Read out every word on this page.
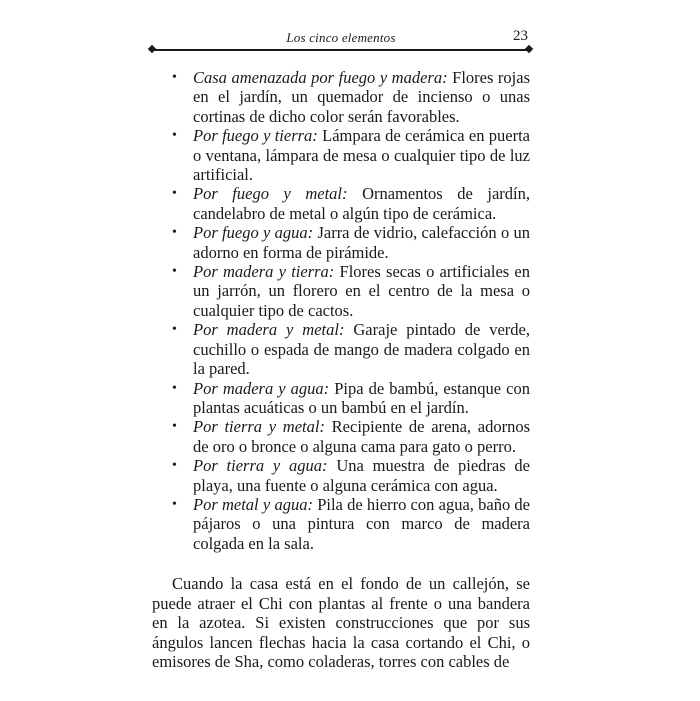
Los cinco elementos	23
• Casa amenazada por fuego y madera: Flores rojas en el jardín, un quemador de incienso o unas cortinas de dicho color serán favorables.
• Por fuego y tierra: Lámpara de cerámica en puerta o ventana, lámpara de mesa o cualquier tipo de luz artificial.
• Por fuego y metal: Ornamentos de jardín, candelabro de metal o algún tipo de cerámica.
• Por fuego y agua: Jarra de vidrio, calefacción o un adorno en forma de pirámide.
• Por madera y tierra: Flores secas o artificiales en un jarrón, un florero en el centro de la mesa o cualquier tipo de cactos.
• Por madera y metal: Garaje pintado de verde, cuchillo o espada de mango de madera colgado en la pared.
• Por madera y agua: Pipa de bambú, estanque con plantas acuáticas o un bambú en el jardín.
• Por tierra y metal: Recipiente de arena, adornos de oro o bronce o alguna cama para gato o perro.
• Por tierra y agua: Una muestra de piedras de playa, una fuente o alguna cerámica con agua.
• Por metal y agua: Pila de hierro con agua, baño de pájaros o una pintura con marco de madera colgada en la sala.

Cuando la casa está en el fondo de un callejón, se puede atraer el Chi con plantas al frente o una bandera en la azotea. Si existen construcciones que por sus ángulos lancen flechas hacia la casa cortando el Chi, o emisores de Sha, como coladeras, torres con cables de
